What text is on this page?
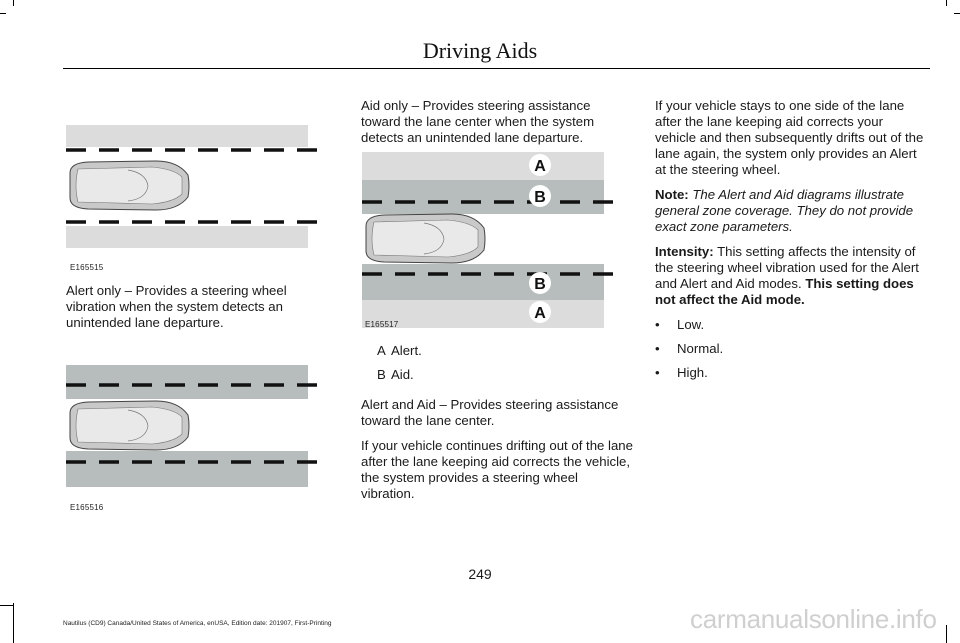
Driving Aids
E165515

Alert only – Provides a steering wheel vibration when the system detects an unintended lane departure.

E165516

Aid only – Provides steering assistance toward the lane center when the system detects an unintended lane departure.

A
B
B
A
E165517
A Alert.
B Aid.

Alert and Aid – Provides steering assistance toward the lane center.

If your vehicle continues drifting out of the lane after the lane keeping aid corrects the vehicle, the system provides a steering wheel vibration.

If your vehicle stays to one side of the lane after the lane keeping aid corrects your vehicle and then subsequently drifts out of the lane again, the system only provides an Alert at the steering wheel.

Note: The Alert and Aid diagrams illustrate general zone coverage. They do not provide exact zone parameters.

Intensity: This setting affects the intensity of the steering wheel vibration used for the Alert and Alert and Aid modes. This setting does not affect the Aid mode.

•	Low.
•	Normal.
•	High.
249
Nautilus (CD9) Canada/United States of America, enUSA, Edition date: 201907, First-Printing	carmanualsonline.info
